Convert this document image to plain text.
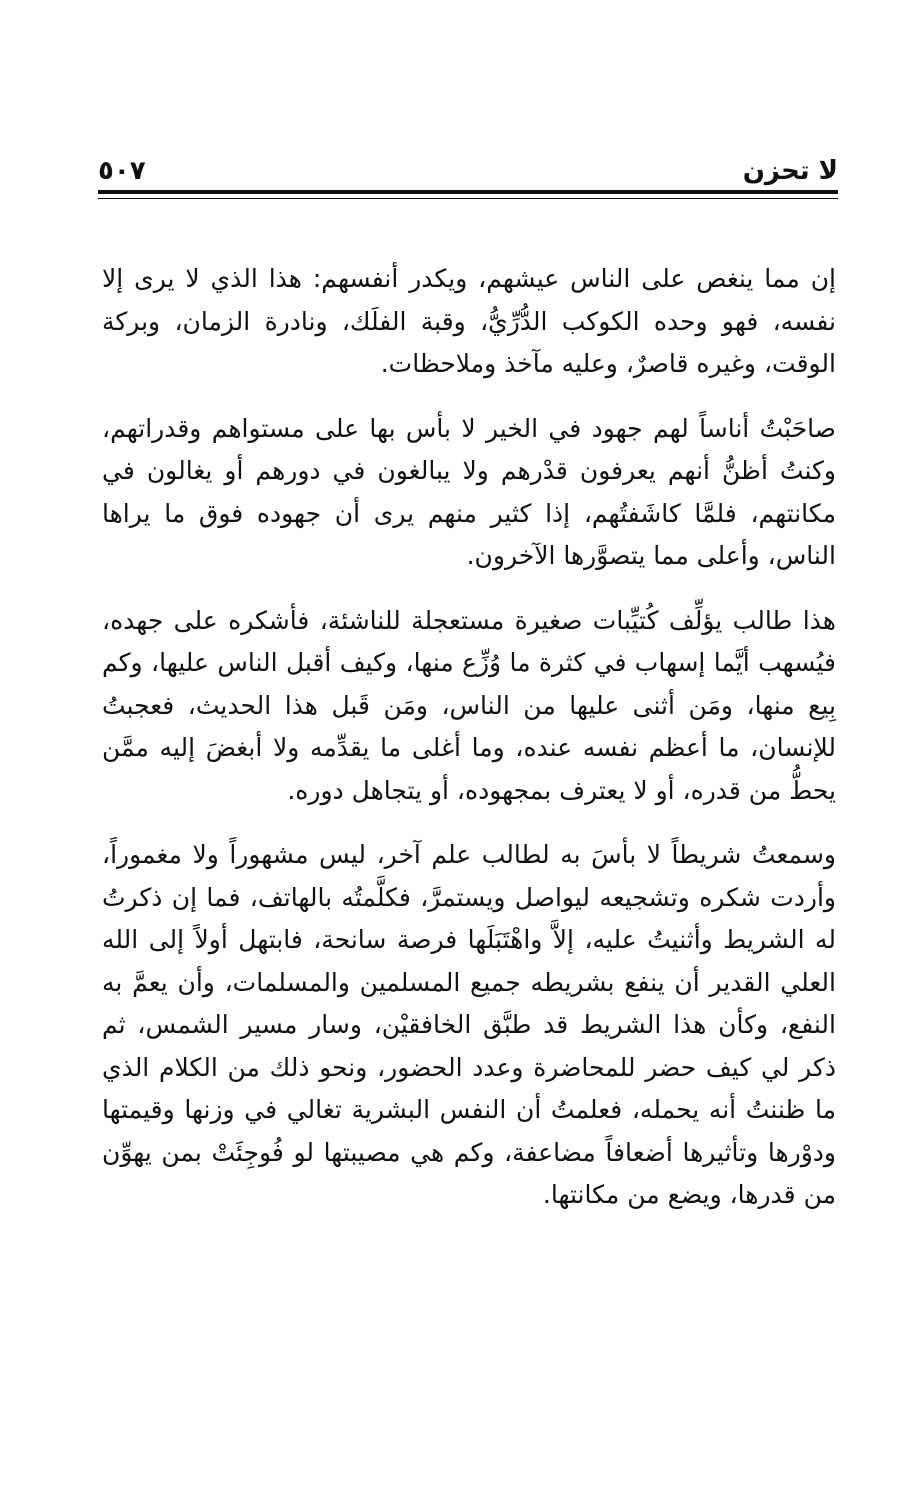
لا تحزن
٥٠٧

إن مما ينغص على الناس عيشهم، ويكدر أنفسهم: هذا الذي لا يرى إلا نفسه، فهو وحده الكوكب الدُّرِّيُّ، وقبة الفلَك، ونادرة الزمان، وبركة الوقت، وغيره قاصرٌ، وعليه مآخذ وملاحظات.

صاحَبْتُ أناساً لهم جهود في الخير لا بأس بها على مستواهم وقدراتهم، وكنتُ أظنُّ أنهم يعرفون قدْرهم ولا يبالغون في دورهم أو يغالون في مكانتهم، فلمَّا كاشَفتُهم، إذا كثير منهم يرى أن جهوده فوق ما يراها الناس، وأعلى مما يتصوَّرها الآخرون.

هذا طالب يؤلِّف كُتيِّبات صغيرة مستعجلة للناشئة، فأشكره على جهده، فيُسهب أيَّما إسهاب في كثرة ما وُزِّع منها، وكيف أقبل الناس عليها، وكم بِيع منها، ومَن أثنى عليها من الناس، ومَن قَبل هذا الحديث، فعجبتُ للإنسان، ما أعظم نفسه عنده، وما أغلى ما يقدِّمه ولا أبغضَ إليه ممَّن يحطُّ من قدره، أو لا يعترف بمجهوده، أو يتجاهل دوره.

وسمعتُ شريطاً لا بأسَ به لطالب علم آخر، ليس مشهوراً ولا مغموراً، وأردت شكره وتشجيعه ليواصل ويستمرَّ، فكلَّمتُه بالهاتف، فما إن ذكرتُ له الشريط وأثنيتُ عليه، إلاَّ واهْتَبَلَها فرصة سانحة، فابتهل أولاً إلى الله العلي القدير أن ينفع بشريطه جميع المسلمين والمسلمات، وأن يعمَّ به النفع، وكأن هذا الشريط قد طبَّق الخافقيْن، وسار مسير الشمس، ثم ذكر لي كيف حضر للمحاضرة وعدد الحضور، ونحو ذلك من الكلام الذي ما ظننتُ أنه يحمله، فعلمتُ أن النفس البشرية تغالي في وزنها وقيمتها ودوْرها وتأثيرها أضعافاً مضاعفة، وكم هي مصيبتها لو فُوجِئَتْ بمن يهوِّن من قدرها، ويضع من مكانتها.
